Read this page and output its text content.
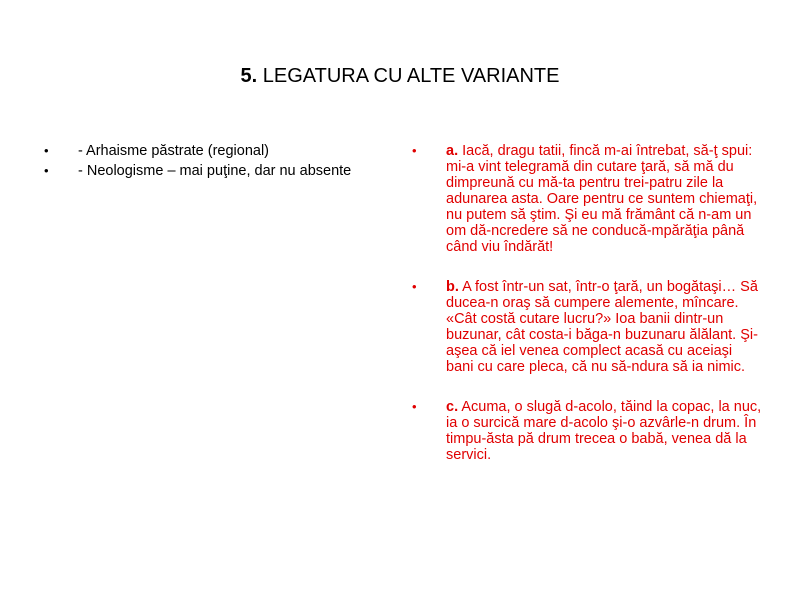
5. LEGATURA CU ALTE VARIANTE
• - Arhaisme păstrate (regional)
• - Neologisme – mai puţine, dar nu absente
• a. Iacă, dragu tatii, fincă m-ai întrebat, să-ţ spui: mi-a vint telegramă din cutare ţară, să mă du dimpreună cu mă-ta pentru trei-patru zile la adunarea asta. Oare pentru ce suntem chiemaţi, nu putem să ştim. Şi eu mă frământ că n-am un om dă-ncredere să ne conducă-mpărăţia până când viu îndărăt!
• b. A fost într-un sat, într-o ţară, un bogătaşi… Să ducea-n oraş să cumpere alemente, mîncare. «Cât costă cutare lucru?» Ioa banii dintr-un buzunar, cât costa-i băga-n buzunaru ălălant. Şi-aşea că iel venea complect acasă cu aceiaşi bani cu care pleca, că nu să-ndura să ia nimic.
• c. Acuma, o slugă d-acolo, tăind la copac, la nuc, ia o surcică mare d-acolo şi-o azvârle-n drum. În timpu-ăsta pă drum trecea o babă, venea dă la servici.
